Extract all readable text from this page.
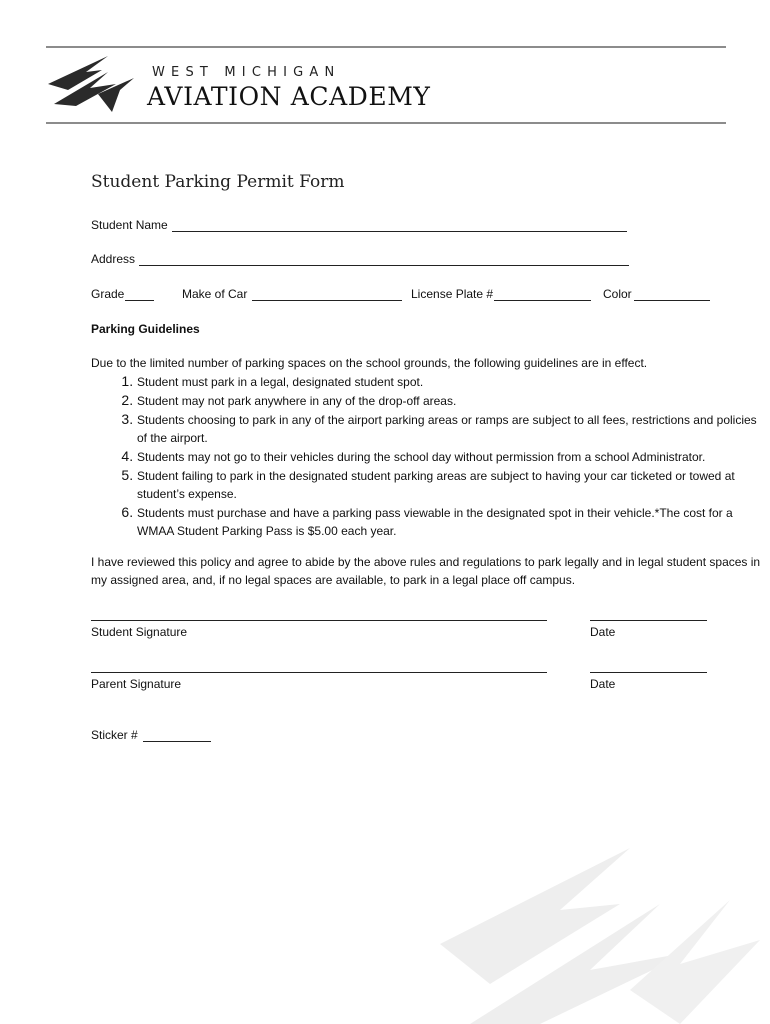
WEST MICHIGAN
AVIATION ACADEMY
Student Parking Permit Form
Student Name
Address
Grade	Make of Car	License Plate #	Color
Parking Guidelines
Due to the limited number of parking spaces on the school grounds, the following guidelines are in effect.
1. Student must park in a legal, designated student spot.
2. Student may not park anywhere in any of the drop-off areas.
3. Students choosing to park in any of the airport parking areas or ramps are subject to all fees, restrictions and policies of the airport.
4. Students may not go to their vehicles during the school day without permission from a school Administrator.
5. Student failing to park in the designated student parking areas are subject to having your car ticketed or towed at student’s expense.
6. Students must purchase and have a parking pass viewable in the designated spot in their vehicle.*The cost for a WMAA Student Parking Pass is $5.00 each year.
I have reviewed this policy and agree to abide by the above rules and regulations to park legally and in legal student spaces in my assigned area, and, if no legal spaces are available, to park in a legal place off campus.
Student Signature	Date
Parent Signature	Date
Sticker #
